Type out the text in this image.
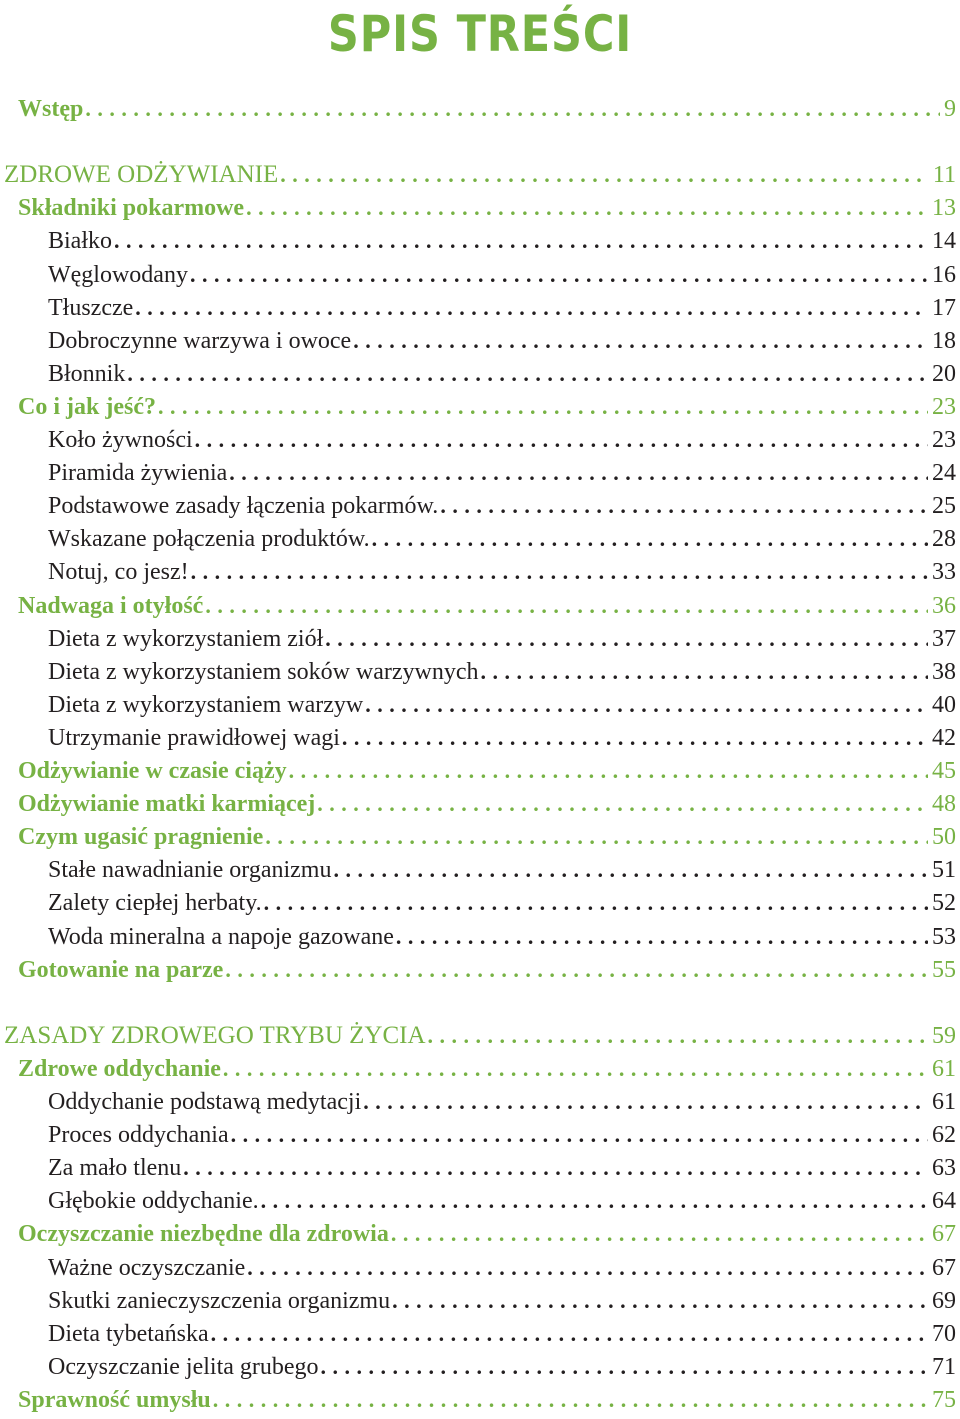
SPIS TREŚCI
Wstęp . . .	9
ZDROWE ODŻYWIANIE . . .	11
Składniki pokarmowe . . .	13
Białko . . .	14
Węglowodany . . .	16
Tłuszcze . . .	17
Dobroczynne warzywa i owoce . . .	18
Błonnik . . .	20
Co i jak jeść? . . .	23
Koło żywności . . .	23
Piramida żywienia . . .	24
Podstawowe zasady łączenia pokarmów. . . .	25
Wskazane połączenia produktów. . . .	28
Notuj, co jesz! . . .	33
Nadwaga i otyłość . . .	36
Dieta z wykorzystaniem ziół . . .	37
Dieta z wykorzystaniem soków warzywnych . . .	38
Dieta z wykorzystaniem warzyw . . .	40
Utrzymanie prawidłowej wagi . . .	42
Odżywianie w czasie ciąży . . .	45
Odżywianie matki karmiącej . . .	48
Czym ugasić pragnienie . . .	50
Stałe nawadnianie organizmu . . .	51
Zalety ciepłej herbaty. . . .	52
Woda mineralna a napoje gazowane . . .	53
Gotowanie na parze . . .	55
ZASADY ZDROWEGO TRYBU ŻYCIA . . .	59
Zdrowe oddychanie . . .	61
Oddychanie podstawą medytacji . . .	61
Proces oddychania . . .	62
Za mało tlenu . . .	63
Głębokie oddychanie. . . .	64
Oczyszczanie niezbędne dla zdrowia . . .	67
Ważne oczyszczanie . . .	67
Skutki zanieczyszczenia organizmu . . .	69
Dieta tybetańska . . .	70
Oczyszczanie jelita grubego . . .	71
Sprawność umysłu . . .	75
